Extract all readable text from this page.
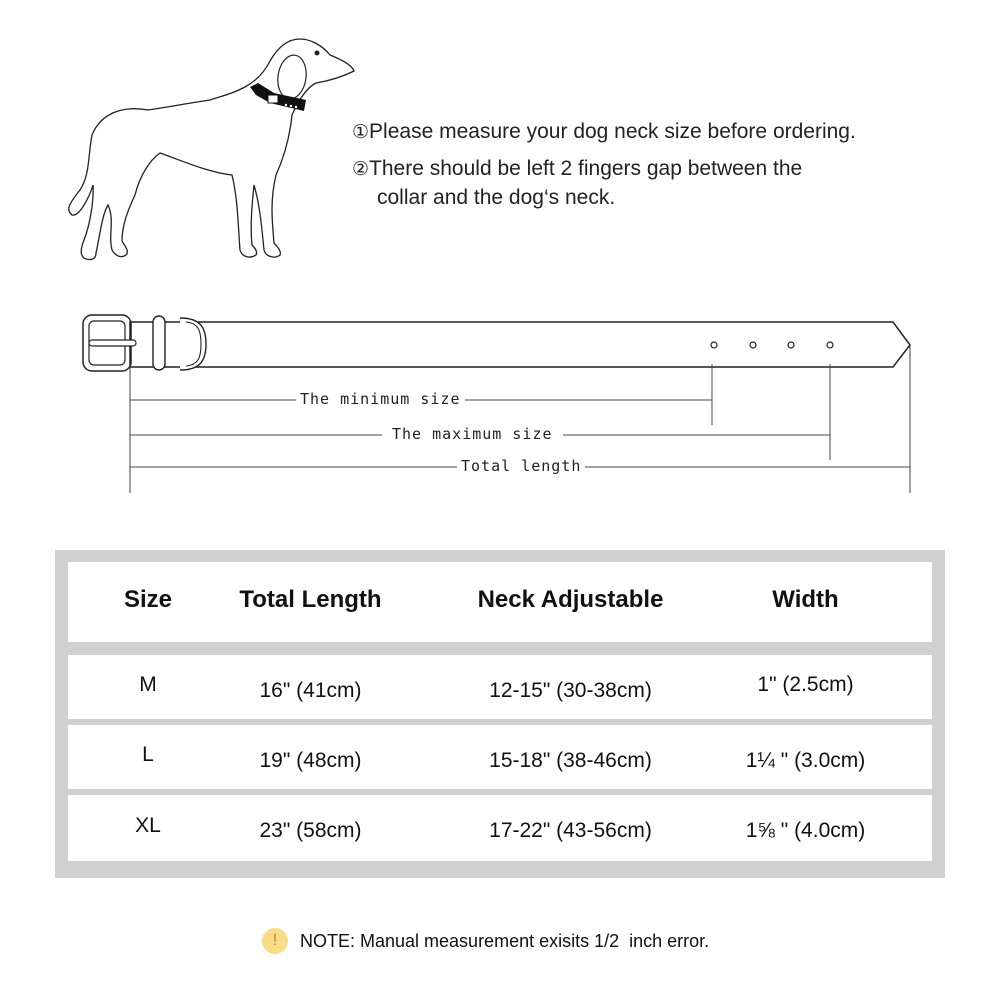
①Please measure your dog neck size before ordering.
②There should be left 2 fingers gap between the
collar and the dog‘s neck.
The minimum size
The maximum size
Total length
Size	Total Length	Neck Adjustable	Width
M	16" (41cm)	12-15" (30-38cm)	1" (2.5cm)
L	19" (48cm)	15-18" (38-46cm)	1¼ " (3.0cm)
XL	23" (58cm)	17-22" (43-56cm)	1⅝ " (4.0cm)
!	NOTE: Manual measurement exisits 1/2  inch error.
